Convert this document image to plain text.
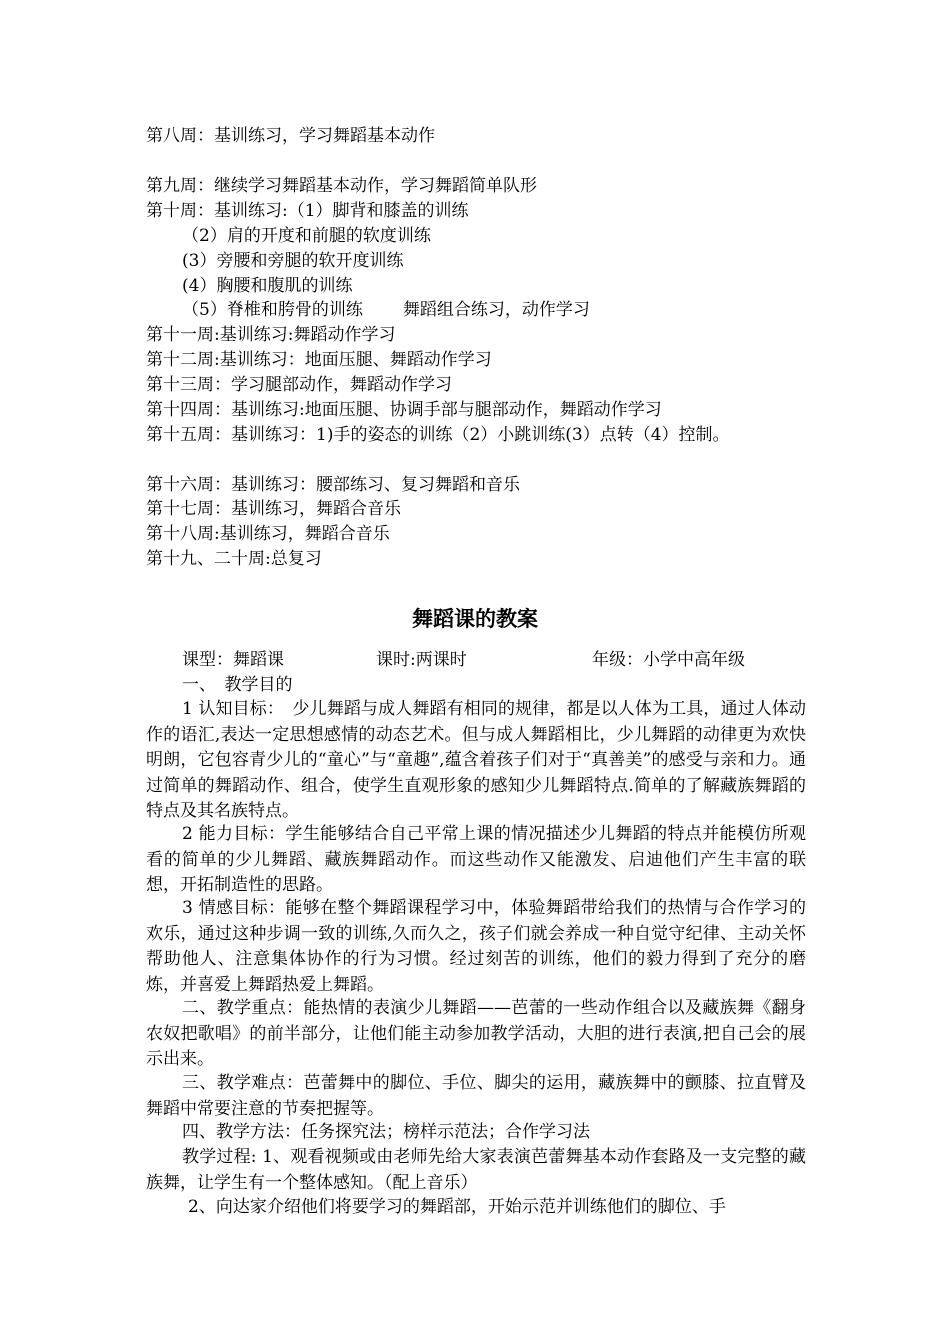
第八周：基训练习，学习舞蹈基本动作
第九周：继续学习舞蹈基本动作，学习舞蹈简单队形
第十周：基训练习:（1）脚背和膝盖的训练
（2）肩的开度和前腿的软度训练
(3）旁腰和旁腿的软开度训练
(4）胸腰和腹肌的训练
（5）脊椎和胯骨的训练 舞蹈组合练习，动作学习
第十一周:基训练习:舞蹈动作学习
第十二周:基训练习：地面压腿、舞蹈动作学习
第十三周：学习腿部动作，舞蹈动作学习
第十四周：基训练习:地面压腿、协调手部与腿部动作，舞蹈动作学习
第十五周：基训练习：1)手的姿态的训练（2）小跳训练(3）点转（4）控制。
第十六周：基训练习：腰部练习、复习舞蹈和音乐
第十七周：基训练习，舞蹈合音乐
第十八周:基训练习，舞蹈合音乐
第十九、二十周:总复习
舞蹈课的教案
课型：舞蹈课	课时:两课时	年级：小学中高年级
一、　教学目的
1 认知目标：　少儿舞蹈与成人舞蹈有相同的规律，都是以人体为工具，通过人体动作的语汇,表达一定思想感情的动态艺术。但与成人舞蹈相比，少儿舞蹈的动律更为欢快明朗，它包容青少儿的“童心”与“童趣”,蕴含着孩子们对于“真善美”的感受与亲和力。通过简单的舞蹈动作、组合，使学生直观形象的感知少儿舞蹈特点.简单的了解藏族舞蹈的特点及其名族特点。
2 能力目标：学生能够结合自己平常上课的情况描述少儿舞蹈的特点并能模仿所观看的简单的少儿舞蹈、藏族舞蹈动作。而这些动作又能激发、启迪他们产生丰富的联想，开拓制造性的思路。
3 情感目标：能够在整个舞蹈课程学习中，体验舞蹈带给我们的热情与合作学习的欢乐，通过这种步调一致的训练,久而久之，孩子们就会养成一种自觉守纪律、主动关怀帮助他人、注意集体协作的行为习惯。经过刻苦的训练，他们的毅力得到了充分的磨炼，并喜爱上舞蹈热爱上舞蹈。
二、教学重点：能热情的表演少儿舞蹈——芭蕾的一些动作组合以及藏族舞《翻身农奴把歌唱》的前半部分，让他们能主动参加教学活动，大胆的进行表演,把自己会的展示出来。
三、教学难点：芭蕾舞中的脚位、手位、脚尖的运用，藏族舞中的颤膝、拉直臂及舞蹈中常要注意的节奏把握等。
四、教学方法：任务探究法；榜样示范法；合作学习法
教学过程: 1、观看视频或由老师先给大家表演芭蕾舞基本动作套路及一支完整的藏族舞，让学生有一个整体感知。（配上音乐）
2、向达家介绍他们将要学习的舞蹈部，开始示范并训练他们的脚位、手
